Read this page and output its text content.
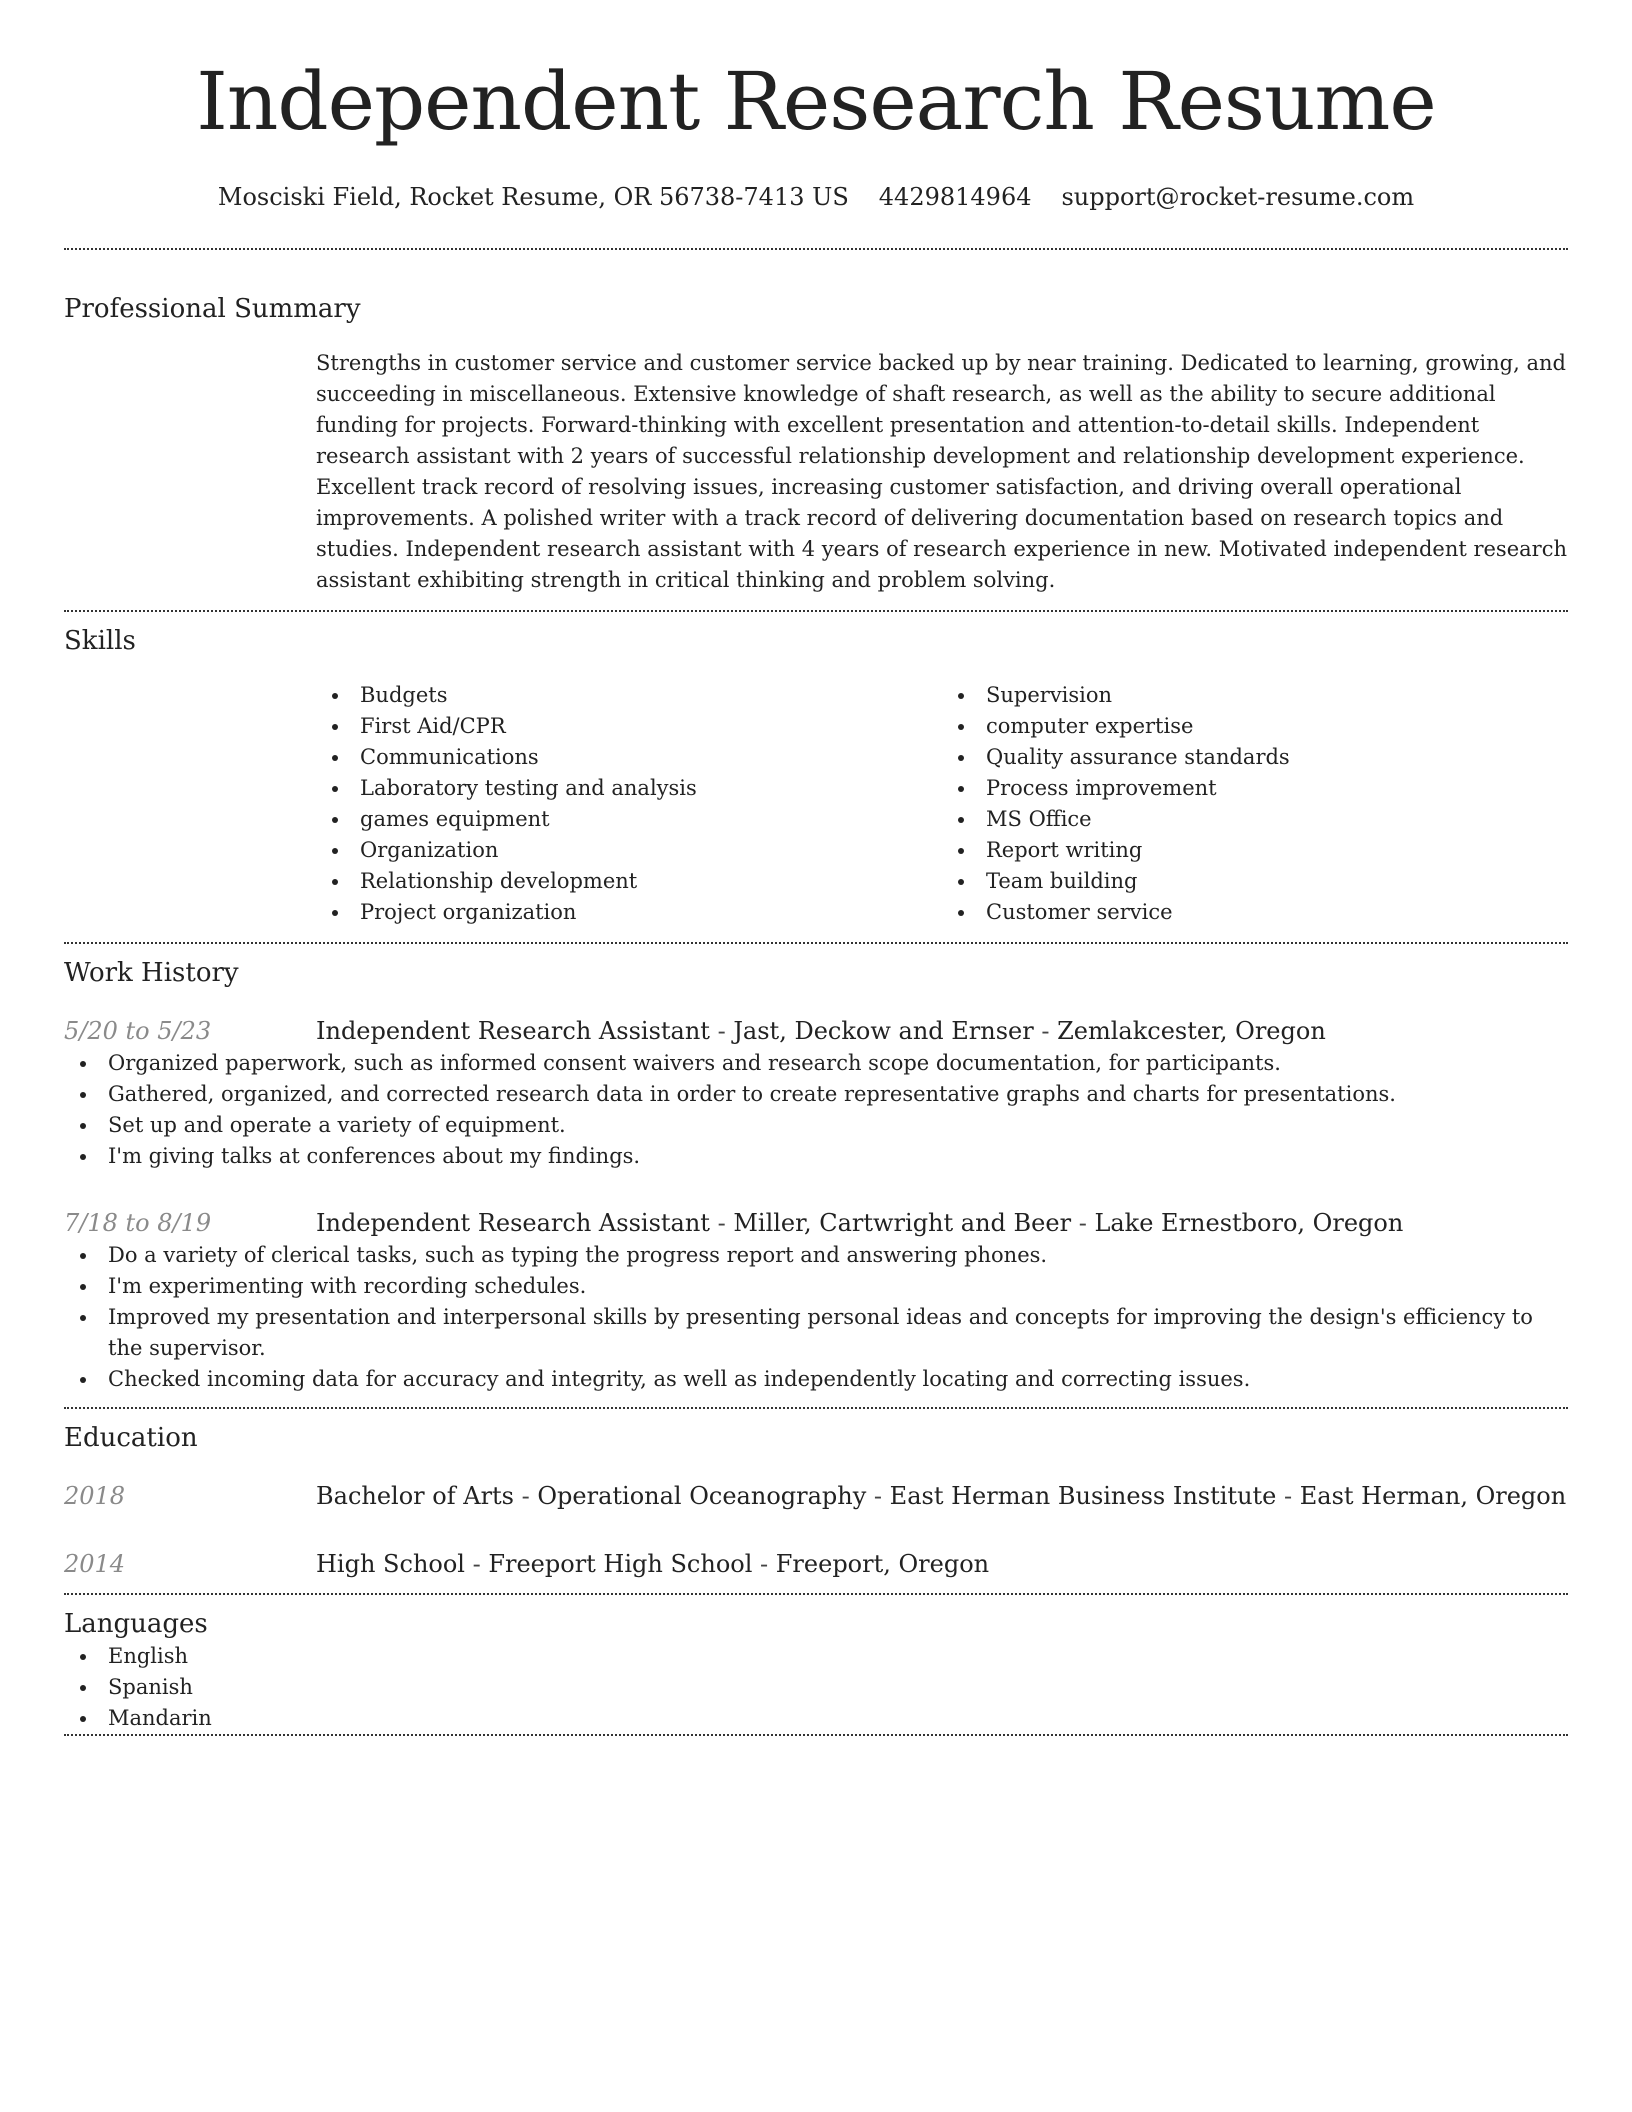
Independent Research Resume
Mosciski Field, Rocket Resume, OR 56738-7413 US 4429814964 support@rocket-resume.com
Professional Summary
Strengths in customer service and customer service backed up by near training. Dedicated to learning, growing, and succeeding in miscellaneous. Extensive knowledge of shaft research, as well as the ability to secure additional funding for projects. Forward-thinking with excellent presentation and attention-to-detail skills. Independent research assistant with 2 years of successful relationship development and relationship development experience. Excellent track record of resolving issues, increasing customer satisfaction, and driving overall operational improvements. A polished writer with a track record of delivering documentation based on research topics and studies. Independent research assistant with 4 years of research experience in new. Motivated independent research assistant exhibiting strength in critical thinking and problem solving.
Skills
Budgets
First Aid/CPR
Communications
Laboratory testing and analysis
games equipment
Organization
Relationship development
Project organization
Supervision
computer expertise
Quality assurance standards
Process improvement
MS Office
Report writing
Team building
Customer service
Work History
5/20 to 5/23	Independent Research Assistant - Jast, Deckow and Ernser - Zemlakcester, Oregon
Organized paperwork, such as informed consent waivers and research scope documentation, for participants.
Gathered, organized, and corrected research data in order to create representative graphs and charts for presentations.
Set up and operate a variety of equipment.
I'm giving talks at conferences about my findings.
7/18 to 8/19	Independent Research Assistant - Miller, Cartwright and Beer - Lake Ernestboro, Oregon
Do a variety of clerical tasks, such as typing the progress report and answering phones.
I'm experimenting with recording schedules.
Improved my presentation and interpersonal skills by presenting personal ideas and concepts for improving the design's efficiency to the supervisor.
Checked incoming data for accuracy and integrity, as well as independently locating and correcting issues.
Education
2018	Bachelor of Arts - Operational Oceanography - East Herman Business Institute - East Herman, Oregon
2014	High School - Freeport High School - Freeport, Oregon
Languages
English
Spanish
Mandarin
